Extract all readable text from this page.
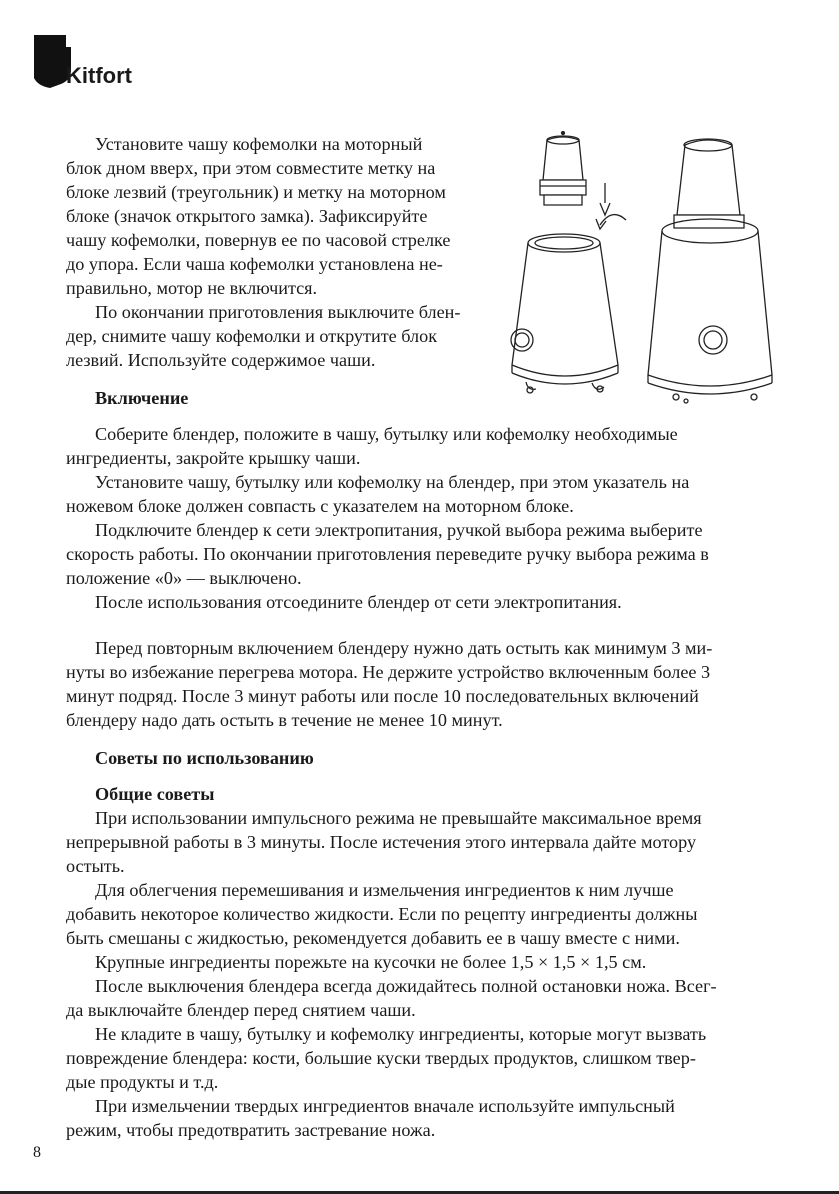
Kitfort

Установите чашу кофемолки на моторный

блок дном вверх, при этом совместите метку на

блоке лезвий (треугольник) и метку на моторном

блоке (значок открытого замка). Зафиксируйте

чашу кофемолки, повернув ее по часовой стрелке

до упора. Если чаша кофемолки установлена не-

правильно, мотор не включится.

По окончании приготовления выключите блен-

дер, снимите чашу кофемолки и открутите блок

лезвий. Используйте содержимое чаши.

Включение

Соберите блендер, положите в чашу, бутылку или кофемолку необходимые

ингредиенты, закройте крышку чаши.

Установите чашу, бутылку или кофемолку на блендер, при этом указатель на

ножевом блоке должен совпасть с указателем на моторном блоке.

Подключите блендер к сети электропитания, ручкой выбора режима выберите

скорость работы. По окончании приготовления переведите ручку выбора режима в

положение «0» — выключено.

После использования отсоедините блендер от сети электропитания.

Перед повторным включением блендеру нужно дать остыть как минимум 3 ми-

нуты во избежание перегрева мотора. Не держите устройство включенным более 3

минут подряд. После 3 минут работы или после 10 последовательных включений

блендеру надо дать остыть в течение не менее 10 минут.

Советы по использованию

Общие советы

При использовании импульсного режима не превышайте максимальное время

непрерывной работы в 3 минуты. После истечения этого интервала дайте мотору

остыть.

Для облегчения перемешивания и измельчения ингредиентов к ним лучше

добавить некоторое количество жидкости. Если по рецепту ингредиенты должны

быть смешаны с жидкостью, рекомендуется добавить ее в чашу вместе с ними.

Крупные ингредиенты порежьте на кусочки не более 1,5 × 1,5 × 1,5 см.

После выключения блендера всегда дожидайтесь полной остановки ножа. Всег-

да выключайте блендер перед снятием чаши.

Не кладите в чашу, бутылку и кофемолку ингредиенты, которые могут вызвать

повреждение блендера: кости, большие куски твердых продуктов, слишком твер-

дые продукты и т.д.

При измельчении твердых ингредиентов вначале используйте импульсный

режим, чтобы предотвратить застревание ножа.

8
